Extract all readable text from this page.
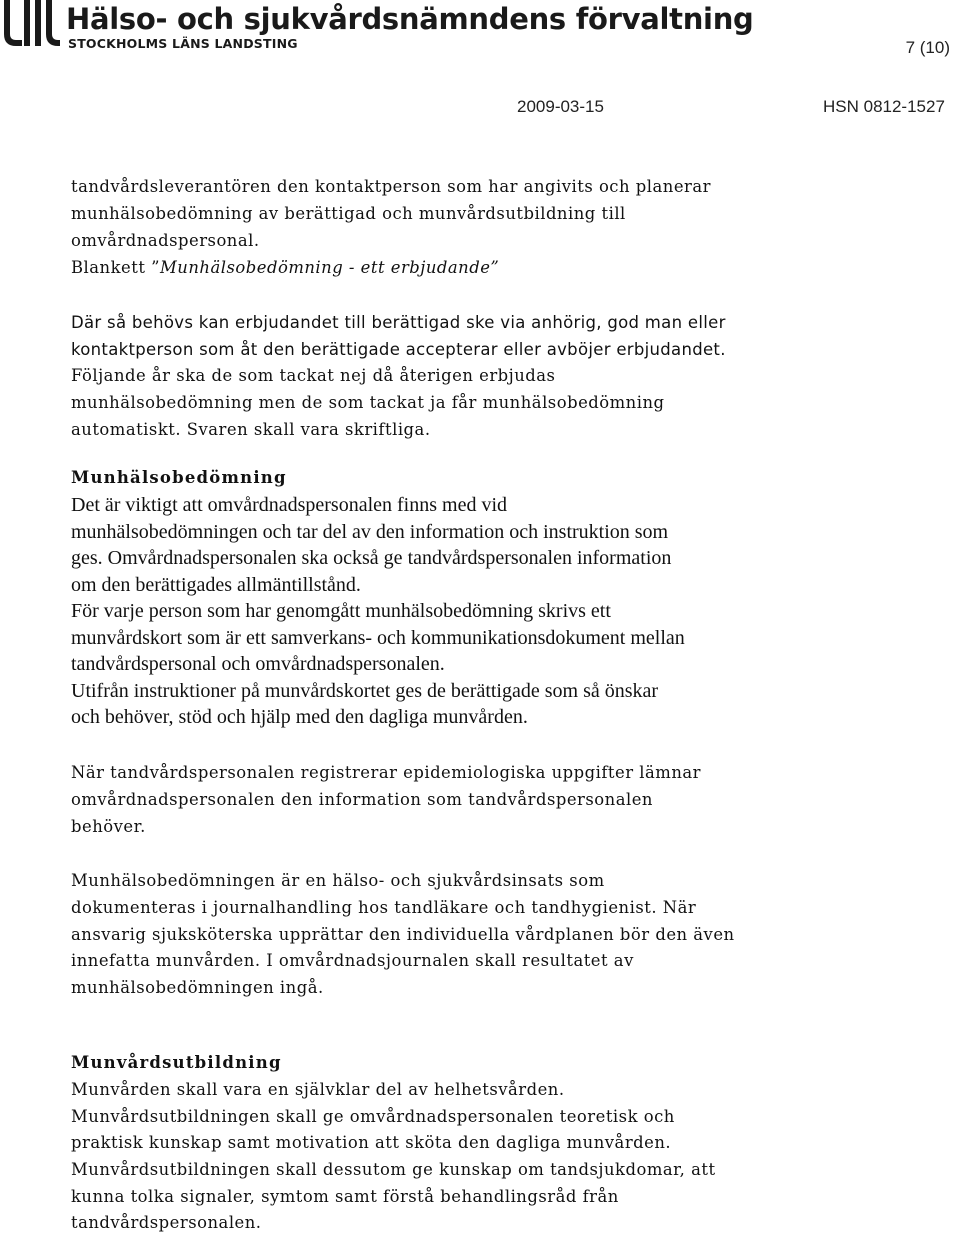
Hälso- och sjukvårdsnämndens förvaltning
STOCKHOLMS LÄNS LANDSTING	7 (10)
2009-03-15	HSN 0812-1527
tandvårdsleverantören den kontaktperson som har angivits och planerar
munhälsobedömning av berättigad och munvårdsutbildning till
omvårdnadspersonal.
Blankett ”Munhälsobedömning - ett erbjudande”
Där så behövs kan erbjudandet till berättigad ske via anhörig, god man eller
kontaktperson som åt den berättigade accepterar eller avböjer erbjudandet.
Följande år ska de som tackat nej då återigen erbjudas
munhälsobedömning men de som tackat ja får munhälsobedömning
automatiskt. Svaren skall vara skriftliga.
Munhälsobedömning
Det är viktigt att omvårdnadspersonalen finns med vid
munhälsobedömningen och tar del av den information och instruktion som
ges. Omvårdnadspersonalen ska också ge tandvårdspersonalen information
om den berättigades allmäntillstånd.
För varje person som har genomgått munhälsobedömning skrivs ett
munvårdskort som är ett samverkans- och kommunikationsdokument mellan
tandvårdspersonal och omvårdnadspersonalen.
Utifrån instruktioner på munvårdskortet ges de berättigade som så önskar
och behöver, stöd och hjälp med den dagliga munvården.
När tandvårdspersonalen registrerar epidemiologiska uppgifter lämnar
omvårdnadspersonalen den information som tandvårdspersonalen
behöver.
Munhälsobedömningen är en hälso- och sjukvårdsinsats som
dokumenteras i journalhandling hos tandläkare och tandhygienist. När
ansvarig sjuksköterska upprättar den individuella vårdplanen bör den även
innefatta munvården. I omvårdnadsjournalen skall resultatet av
munhälsobedömningen ingå.
Munvårdsutbildning
Munvården skall vara en självklar del av helhetsvården.
Munvårdsutbildningen skall ge omvårdnadspersonalen teoretisk och
praktisk kunskap samt motivation att sköta den dagliga munvården.
Munvårdsutbildningen skall dessutom ge kunskap om tandsjukdomar, att
kunna tolka signaler, symtom samt förstå behandlingsråd från
tandvårdspersonalen.
